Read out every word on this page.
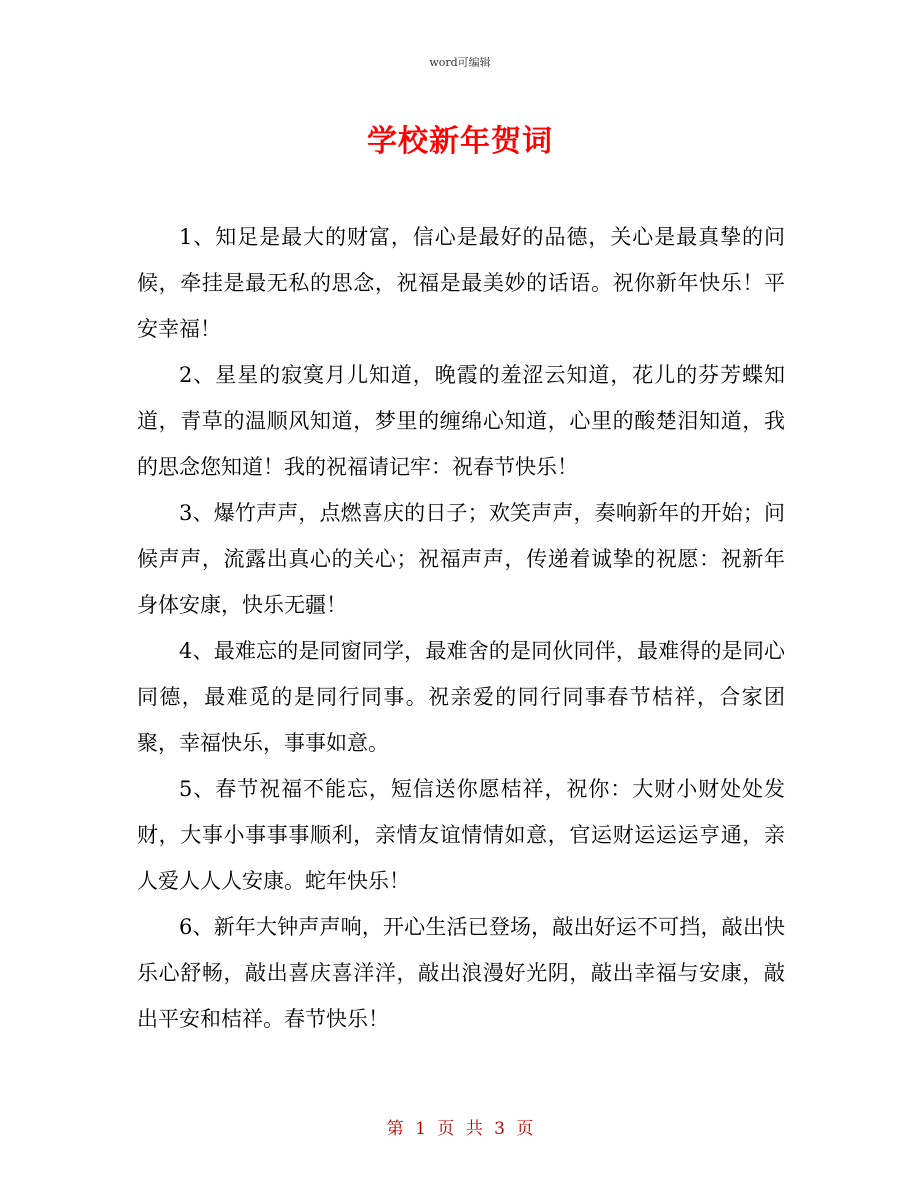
word可编辑
学校新年贺词

1、知足是最大的财富，信心是最好的品德，关心是最真挚的问候，牵挂是最无私的思念，祝福是最美妙的话语。祝你新年快乐！平安幸福！

2、星星的寂寞月儿知道，晚霞的羞涩云知道，花儿的芬芳蝶知道，青草的温顺风知道，梦里的缠绵心知道，心里的酸楚泪知道，我的思念您知道！我的祝福请记牢：祝春节快乐！

3、爆竹声声，点燃喜庆的日子；欢笑声声，奏响新年的开始；问候声声，流露出真心的关心；祝福声声，传递着诚挚的祝愿：祝新年身体安康，快乐无疆！

4、最难忘的是同窗同学，最难舍的是同伙同伴，最难得的是同心同德，最难觅的是同行同事。祝亲爱的同行同事春节桔祥，合家团聚，幸福快乐，事事如意。

5、春节祝福不能忘，短信送你愿桔祥，祝你：大财小财处处发财，大事小事事事顺利，亲情友谊情情如意，官运财运运运亨通，亲人爱人人人安康。蛇年快乐！

6、新年大钟声声响，开心生活已登场，敲出好运不可挡，敲出快乐心舒畅，敲出喜庆喜洋洋，敲出浪漫好光阴，敲出幸福与安康，敲出平安和桔祥。春节快乐！

第 1 页 共 3 页
